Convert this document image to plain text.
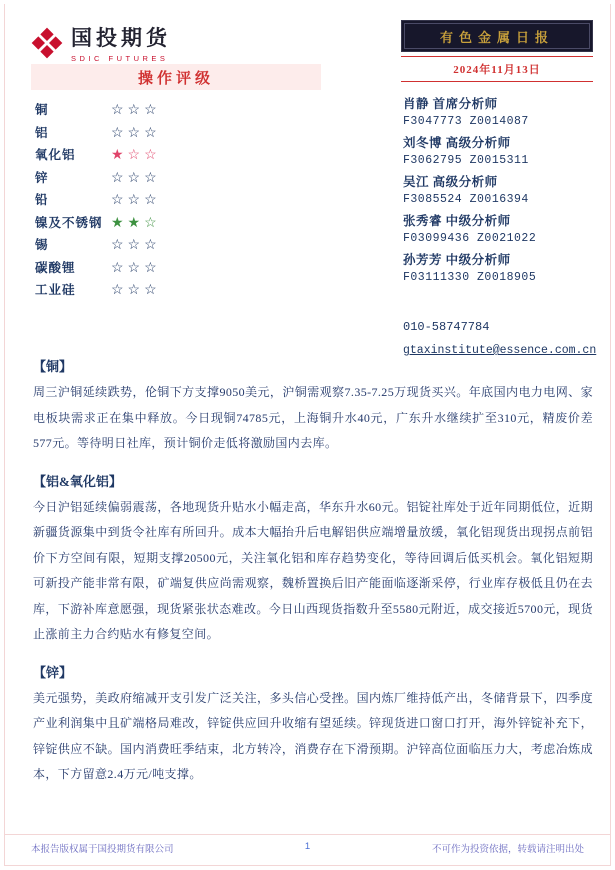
国投期货
SDIC FUTURES
有色金属日报
2024年11月13日
操作评级
铜	☆☆☆
铝	☆☆☆
氧化铝	★☆☆
锌	☆☆☆
铅	☆☆☆
镍及不锈钢 ★★☆
锡	☆☆☆
碳酸锂	☆☆☆
工业硅	☆☆☆
肖静 首席分析师
F3047773 Z0014087
刘冬博 高级分析师
F3062795 Z0015311
吴江 高级分析师
F3085524 Z0016394
张秀睿 中级分析师
F03099436 Z0021022
孙芳芳 中级分析师
F03111330 Z0018905
010-58747784
gtaxinstitute@essence.com.cn
【铜】

周三沪铜延续跌势，伦铜下方支撑9050美元，沪铜需观察7.35-7.25万现货买兴。年底国内电力电网、家电板块需求正在集中释放。今日现铜74785元，上海铜升水40元，广东升水继续扩至310元，精废价差577元。等待明日社库，预计铜价走低将激励国内去库。

【铝&氧化铝】

今日沪铝延续偏弱震荡，各地现货升贴水小幅走高，华东升水60元。铝锭社库处于近年同期低位，近期新疆货源集中到货令社库有所回升。成本大幅抬升后电解铝供应端增量放缓，氧化铝现货出现拐点前铝价下方空间有限，短期支撑20500元，关注氧化铝和库存趋势变化，等待回调后低买机会。氧化铝短期可新投产能非常有限，矿端复供应尚需观察，魏桥置换后旧产能面临逐渐采停，行业库存极低且仍在去库，下游补库意愿强，现货紧张状态难改。今日山西现货指数升至5580元附近，成交接近5700元，现货止涨前主力合约贴水有修复空间。

【锌】

美元强势，美政府缩减开支引发广泛关注，多头信心受挫。国内炼厂维持低产出，冬储背景下，四季度产业利润集中且矿端格局难改，锌锭供应回升收缩有望延续。锌现货进口窗口打开，海外锌锭补充下，锌锭供应不缺。国内消费旺季结束，北方转冷，消费存在下滑预期。沪锌高位面临压力大，考虑冶炼成本，下方留意2.4万元/吨支撑。

本报告版权属于国投期货有限公司	1	不可作为投资依据，转载请注明出处
